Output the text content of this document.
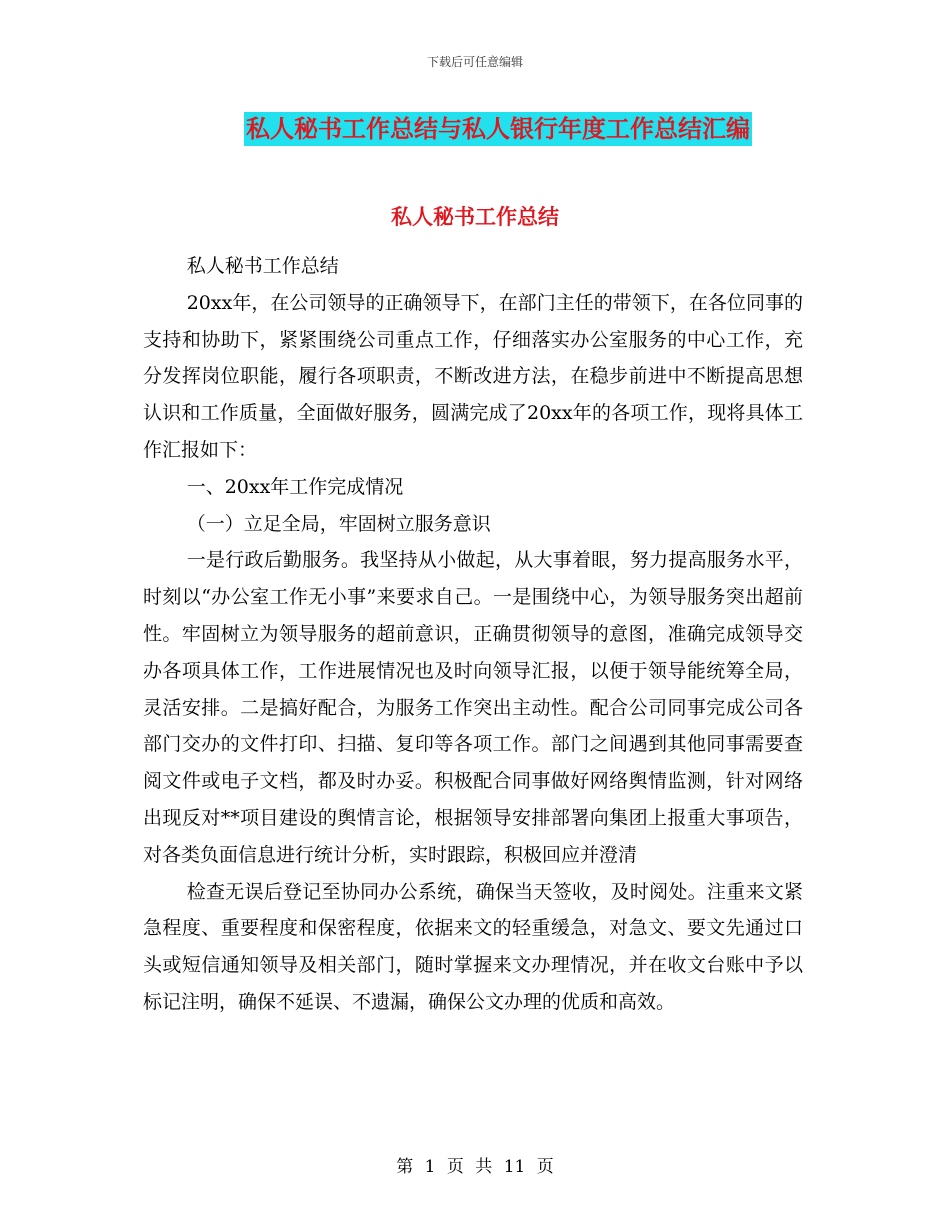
下载后可任意编辑
私人秘书工作总结与私人银行年度工作总结汇编
私人秘书工作总结

私人秘书工作总结

20xx年，在公司领导的正确领导下，在部门主任的带领下，在各位同事的支持和协助下，紧紧围绕公司重点工作，仔细落实办公室服务的中心工作，充分发挥岗位职能，履行各项职责，不断改进方法，在稳步前进中不断提高思想认识和工作质量，全面做好服务，圆满完成了20xx年的各项工作，现将具体工作汇报如下：

一、20xx年工作完成情况

（一）立足全局，牢固树立服务意识

一是行政后勤服务。我坚持从小做起，从大事着眼，努力提高服务水平，时刻以“办公室工作无小事”来要求自己。一是围绕中心，为领导服务突出超前性。牢固树立为领导服务的超前意识，正确贯彻领导的意图，准确完成领导交办各项具体工作，工作进展情况也及时向领导汇报，以便于领导能统筹全局，灵活安排。二是搞好配合，为服务工作突出主动性。配合公司同事完成公司各部门交办的文件打印、扫描、复印等各项工作。部门之间遇到其他同事需要查阅文件或电子文档，都及时办妥。积极配合同事做好网络舆情监测，针对网络出现反对**项目建设的舆情言论，根据领导安排部署向集团上报重大事项告，对各类负面信息进行统计分析，实时跟踪，积极回应并澄清

检查无误后登记至协同办公系统，确保当天签收，及时阅处。注重来文紧急程度、重要程度和保密程度，依据来文的轻重缓急，对急文、要文先通过口头或短信通知领导及相关部门，随时掌握来文办理情况，并在收文台账中予以标记注明，确保不延误、不遗漏，确保公文办理的优质和高效。

第 1 页 共 11 页
